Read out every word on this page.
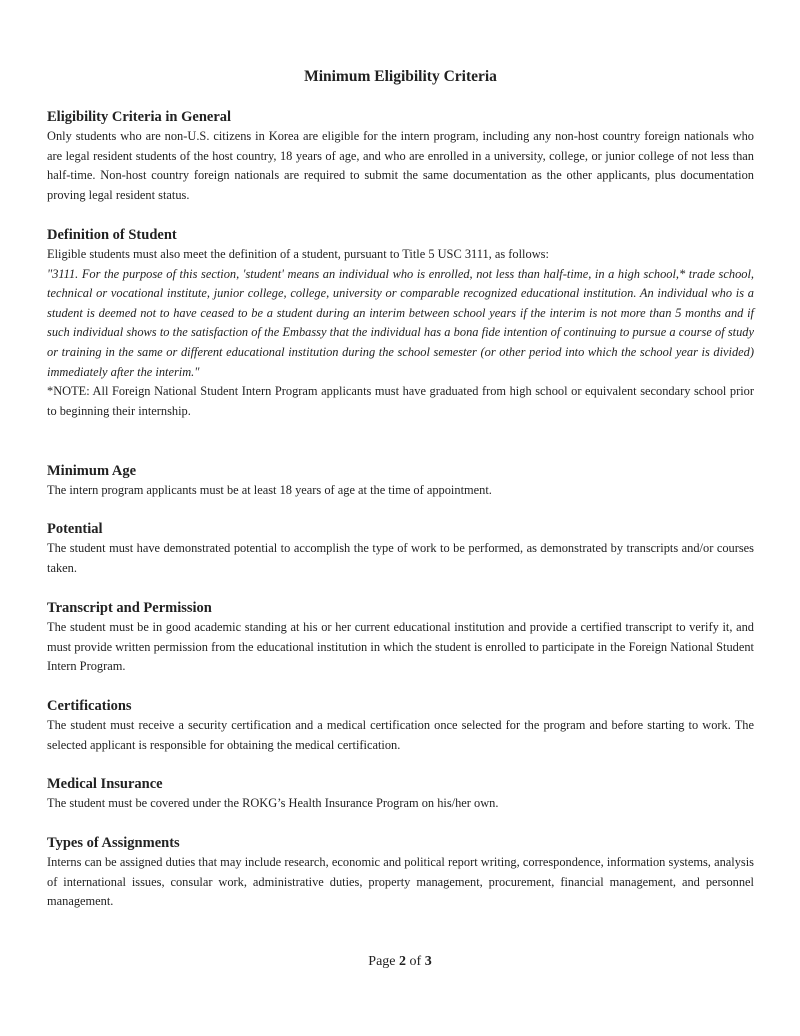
Minimum Eligibility Criteria
Eligibility Criteria in General

Only students who are non-U.S. citizens in Korea are eligible for the intern program, including any non-host country foreign nationals who are legal resident students of the host country, 18 years of age, and who are enrolled in a university, college, or junior college of not less than half-time. Non-host country foreign nationals are required to submit the same documentation as the other applicants, plus documentation proving legal resident status.

Definition of Student

Eligible students must also meet the definition of a student, pursuant to Title 5 USC 3111, as follows:

"3111. For the purpose of this section, 'student' means an individual who is enrolled, not less than half-time, in a high school,* trade school, technical or vocational institute, junior college, college, university or comparable recognized educational institution. An individual who is a student is deemed not to have ceased to be a student during an interim between school years if the interim is not more than 5 months and if such individual shows to the satisfaction of the Embassy that the individual has a bona fide intention of continuing to pursue a course of study or training in the same or different educational institution during the school semester (or other period into which the school year is divided) immediately after the interim."

*NOTE: All Foreign National Student Intern Program applicants must have graduated from high school or equivalent secondary school prior to beginning their internship.

Minimum Age

The intern program applicants must be at least 18 years of age at the time of appointment.

Potential

The student must have demonstrated potential to accomplish the type of work to be performed, as demonstrated by transcripts and/or courses taken.

Transcript and Permission

The student must be in good academic standing at his or her current educational institution and provide a certified transcript to verify it, and must provide written permission from the educational institution in which the student is enrolled to participate in the Foreign National Student Intern Program.

Certifications

The student must receive a security certification and a medical certification once selected for the program and before starting to work. The selected applicant is responsible for obtaining the medical certification.

Medical Insurance

The student must be covered under the ROKG’s Health Insurance Program on his/her own.

Types of Assignments

Interns can be assigned duties that may include research, economic and political report writing, correspondence, information systems, analysis of international issues, consular work, administrative duties, property management, procurement, financial management, and personnel management.

Page 2 of 3
